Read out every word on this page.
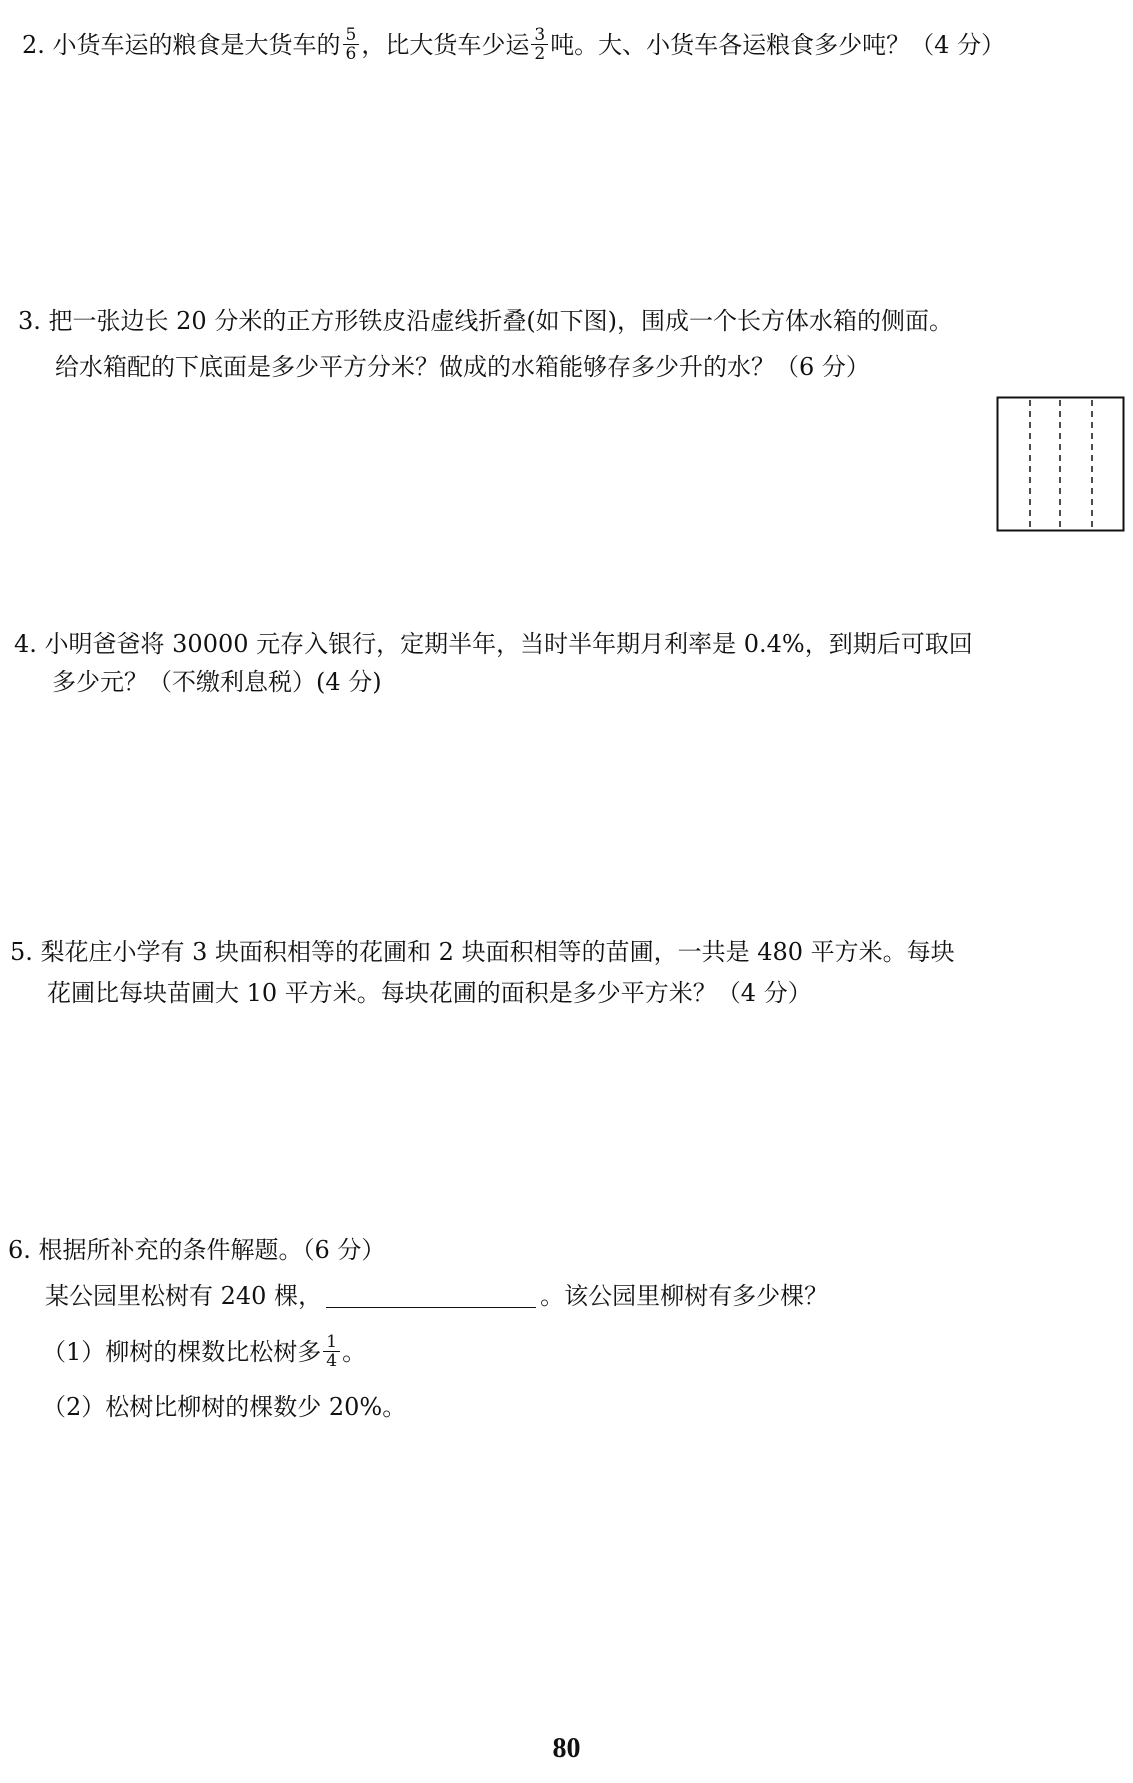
2. 小货车运的粮食是大货车的 $\frac{5}{6}$ ，比大货车少运 $\frac{3}{2}$ 吨。大、小货车各运粮食多少吨？（4 分）
3. 把一张边长 20 分米的正方形铁皮沿虚线折叠(如下图)，围成一个长方体水箱的侧面。
给水箱配的下底面是多少平方分米？做成的水箱能够存多少升的水？（6 分）
4. 小明爸爸将 30000 元存入银行，定期半年，当时半年期月利率是 0.4%，到期后可取回
多少元？（不缴利息税）(4 分)
5. 梨花庄小学有 3 块面积相等的花圃和 2 块面积相等的苗圃，一共是 480 平方米。每块
花圃比每块苗圃大 10 平方米。每块花圃的面积是多少平方米？（4 分）
6. 根据所补充的条件解题。（6 分）
某公园里松树有 240 棵，	。该公园里柳树有多少棵？
（1）柳树的棵数比松树多 $\frac{1}{4}$ 。
（2）松树比柳树的棵数少 20%。
80
